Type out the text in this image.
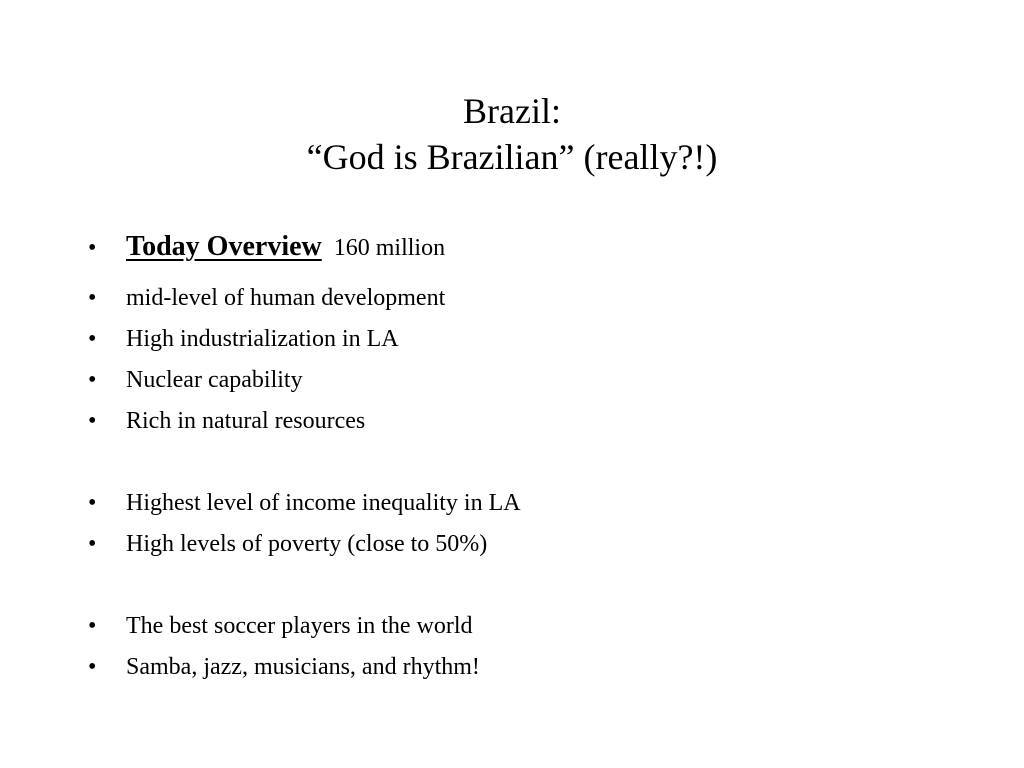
Brazil:
“God is Brazilian” (really?!)
• Today Overview 160 million
• mid-level of human development
• High industrialization in LA
• Nuclear capability
• Rich in natural resources
• Highest level of income inequality in LA
• High levels of poverty (close to 50%)
• The best soccer players in the world
• Samba, jazz, musicians, and rhythm!
